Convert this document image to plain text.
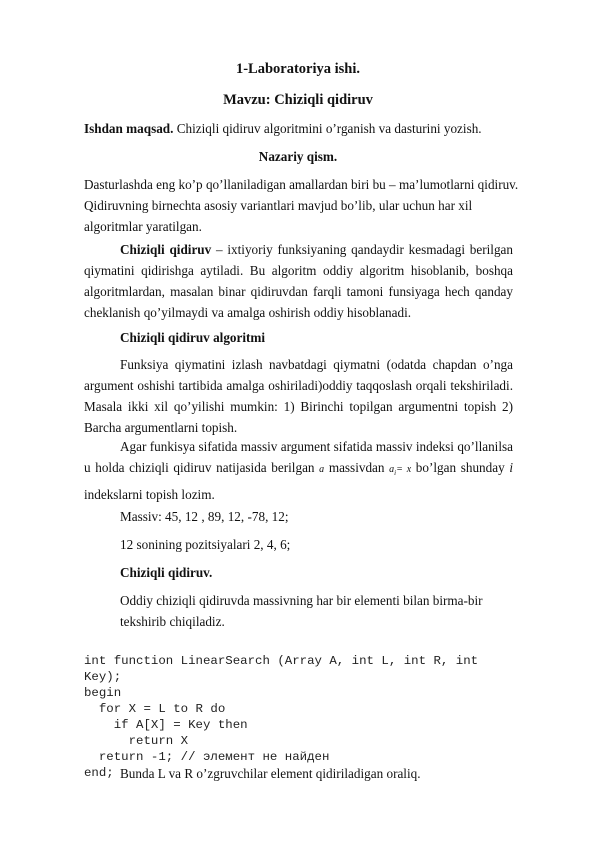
1-Laboratoriya ishi.
Mavzu: Chiziqli qidiruv
Ishdan maqsad. Chiziqli qidiruv algoritmini o’rganish va dasturini yozish.
Nazariy qism.
Dasturlashda eng ko’p qo’llaniladigan amallardan biri bu – ma’lumotlarni qidiruv.
Qidiruvning birnechta asosiy variantlari mavjud bo’lib, ular uchun har xil
algoritmlar yaratilgan.
Chiziqli qidiruv – ixtiyoriy funksiyaning qandaydir kesmadagi berilgan qiymatini qidirishga aytiladi. Bu algoritm oddiy algoritm hisoblanib, boshqa algoritmlardan, masalan binar qidiruvdan farqli tamoni funsiyaga hech qanday cheklanish qo’yilmaydi va amalga oshirish oddiy hisoblanadi.
Chiziqli qidiruv algoritmi
Funksiya qiymatini izlash navbatdagi qiymatni (odatda chapdan o’nga argument oshishi tartibida amalga oshiriladi)oddiy taqqoslash orqali tekshiriladi. Masala ikki xil qo’yilishi mumkin: 1) Birinchi topilgan argumentni topish 2) Barcha argumentlarni topish.
Agar funkisya sifatida massiv argument sifatida massiv indeksi qo’llanilsa u holda chiziqli qidiruv natijasida berilgan a massivdan $a_i= x$ bo’lgan shunday i indekslarni topish lozim.
Massiv: 45, 12 , 89, 12, -78, 12;
12 sonining pozitsiyalari 2, 4, 6;
Chiziqli qidiruv.
Oddiy chiziqli qidiruvda massivning har bir elementi bilan birma-bir
tekshirib chiqiladiz.

int function LinearSearch (Array A, int L, int R, int
Key);
begin
for X = L to R do
if A[X] = Key then
return X
return -1; // элемент не найден
end; Bunda L va R o’zgruvchilar element qidiriladigan oraliq.
